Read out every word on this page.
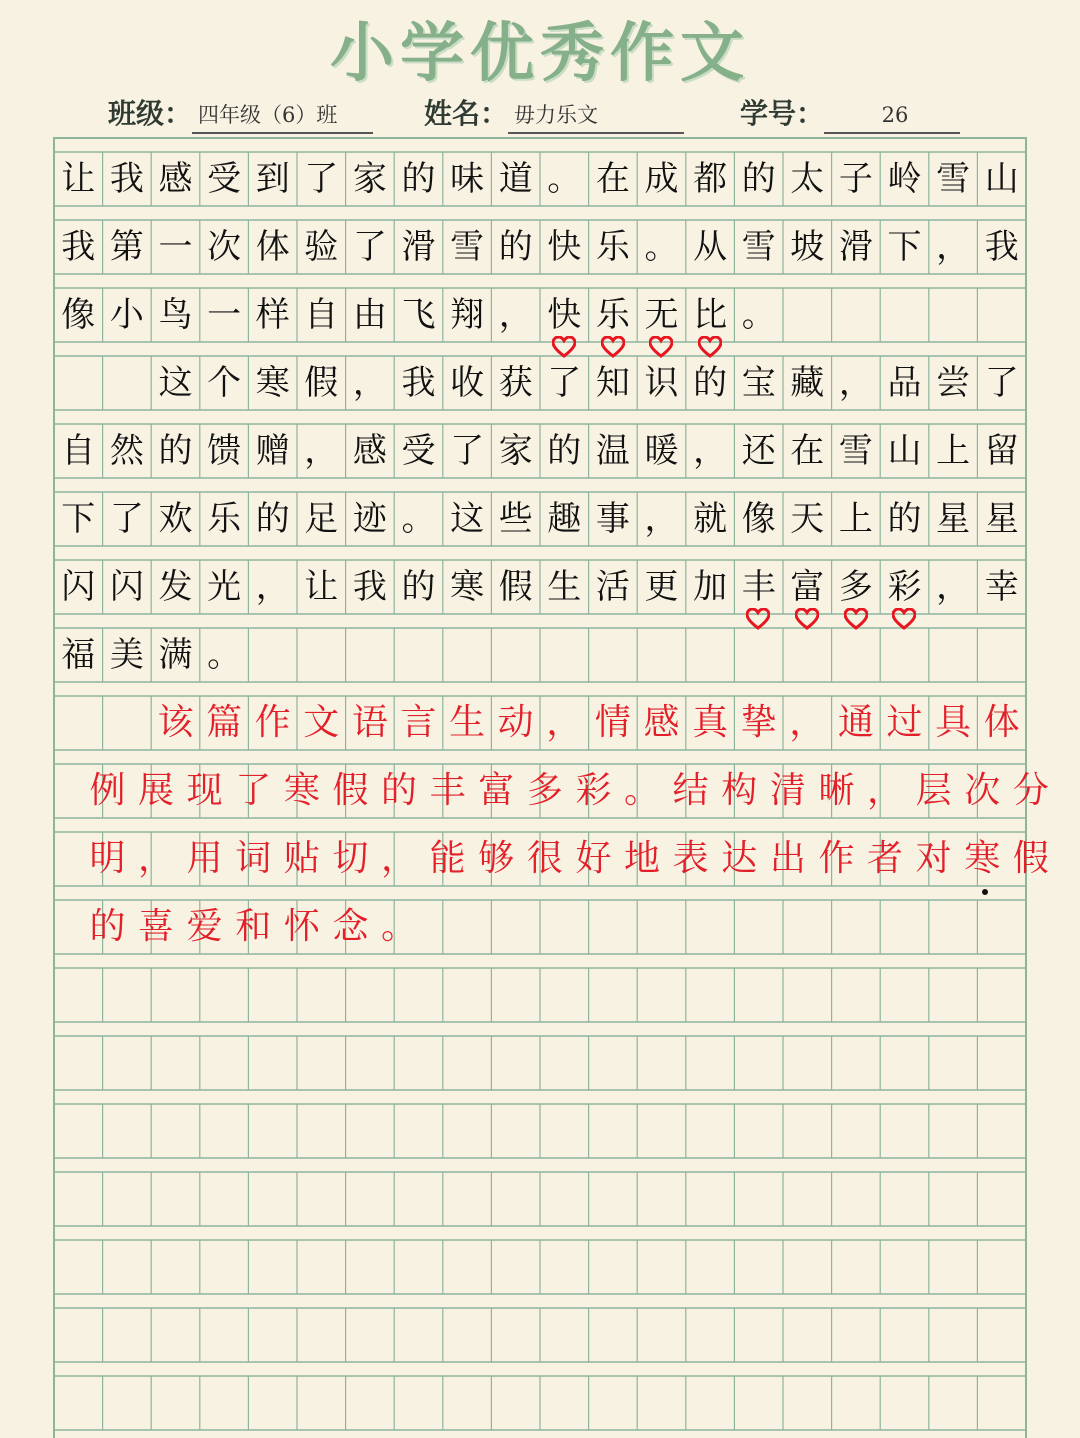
小学优秀作文
班级： 四年级（6）班	姓名： 毋力乐文	学号：	26
让 我 感 受 到 了 家 的 味 道 。 在 成 都 的 太 子 岭 雪 山
我 第 一 次 体 验 了 滑 雪 的 快 乐 。 从 雪 坡 滑 下 ， 我
像 小 鸟 一 样 自 由 飞 翔 ， 快 乐 无 比 。
这 个 寒 假 ， 我 收 获 了 知 识 的 宝 藏 ， 品 尝 了
自 然 的 馈 赠 ， 感 受 了 家 的 温 暖 ， 还 在 雪 山 上 留
下 了 欢 乐 的 足 迹 。 这 些 趣 事 ， 就 像 天 上 的 星 星
闪 闪 发 光 ， 让 我 的 寒 假 生 活 更 加 丰 富 多 彩 ， 幸
福 美 满 。
该 篇 作 文 语 言 生 动 ， 情 感 真 挚 ， 通 过 具 体
例 展 现 了 寒 假 的 丰 富 多 彩 。 结 构 清 晰 ， 层 次 分
明 ， 用 词 贴 切 ， 能 够 很 好 地 表 达 出 作 者 对 寒 假
的 喜 爱 和 怀 念 。
